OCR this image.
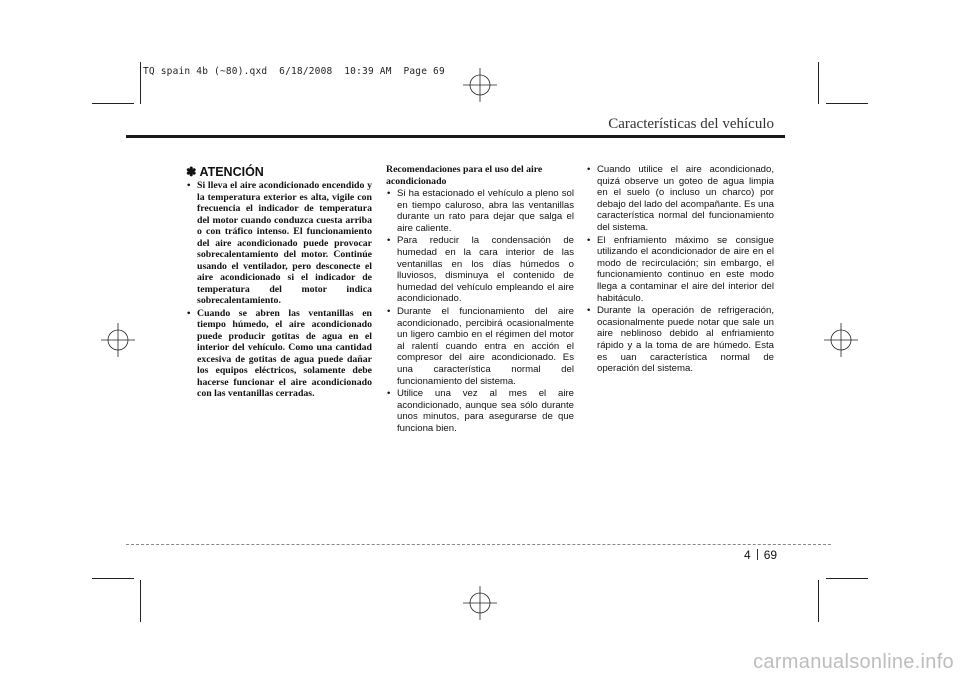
TQ spain 4b (~80).qxd  6/18/2008  10:39 AM  Page 69
Características del vehículo
✽ ATENCIÓN
• Si lleva el aire acondicionado encendido y la temperatura exterior es alta, vigile con frecuencia el indicador de temperatura del motor cuando conduzca cuesta arriba o con tráfico intenso. El funcionamiento del aire acondicionado puede provocar sobrecalentamiento del motor. Continúe usando el ventilador, pero desconecte el aire acondicionado si el indicador de temperatura del motor indica sobrecalentamiento.
• Cuando se abren las ventanillas en tiempo húmedo, el aire acondicionado puede producir gotitas de agua en el interior del vehículo. Como una cantidad excesiva de gotitas de agua puede dañar los equipos eléctricos, solamente debe hacerse funcionar el aire acondicionado con las ventanillas cerradas.
Recomendaciones para el uso del aire acondicionado
• Si ha estacionado el vehículo a pleno sol en tiempo caluroso, abra las ventanillas durante un rato para dejar que salga el aire caliente.
• Para reducir la condensación de humedad en la cara interior de las ventanillas en los días húmedos o lluviosos, disminuya el contenido de humedad del vehículo empleando el aire acondicionado.
• Durante el funcionamiento del aire acondicionado, percibirá ocasionalmente un ligero cambio en el régimen del motor al ralentí cuando entra en acción el compresor del aire acondicionado. Es una característica normal del funcionamiento del sistema.
• Utilice una vez al mes el aire acondicionado, aunque sea sólo durante unos minutos, para asegurarse de que funciona bien.
• Cuando utilice el aire acondicionado, quizá observe un goteo de agua limpia en el suelo (o incluso un charco) por debajo del lado del acompañante. Es una característica normal del funcionamiento del sistema.
• El enfriamiento máximo se consigue utilizando el acondicionador de aire en el modo de recirculación; sin embargo, el funcionamiento continuo en este modo llega a contaminar el aire del interior del habitáculo.
• Durante la operación de refrigeración, ocasionalmente puede notar que sale un aire neblinoso debido al enfriamiento rápido y a la toma de are húmedo. Esta es uan característica normal de operación del sistema.
4 69
carmanualsonline.info
